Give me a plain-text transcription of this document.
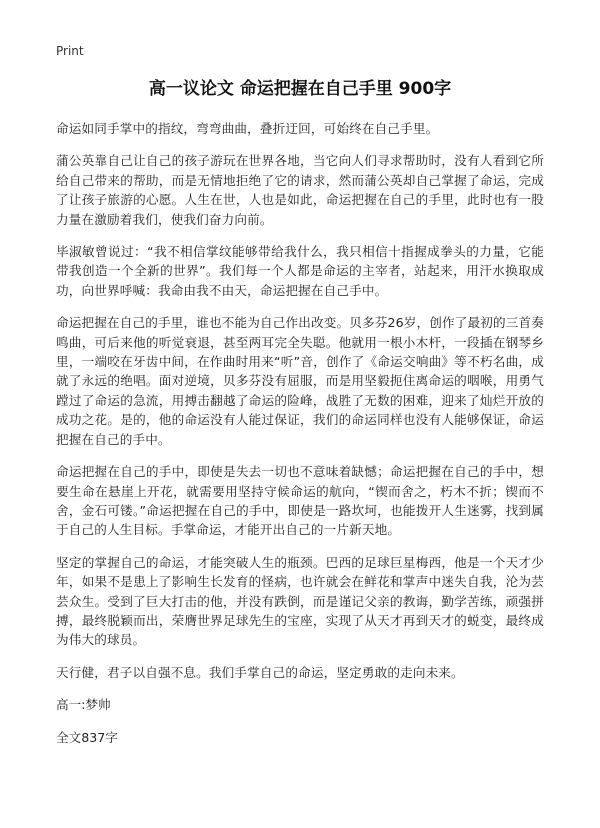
Print
高一议论文 命运把握在自己手里 900字

命运如同手掌中的指纹，弯弯曲曲，叠折迂回，可始终在自己手里。

蒲公英靠自己让自己的孩子游玩在世界各地，当它向人们寻求帮助时，没有人看到它所给自己带来的帮助，而是无情地拒绝了它的请求，然而蒲公英却自己掌握了命运，完成了让孩子旅游的心愿。人生在世，人也是如此，命运把握在自己的手里，此时也有一股力量在激励着我们，使我们奋力向前。

毕淑敏曾说过：“我不相信掌纹能够带给我什么，我只相信十指握成拳头的力量，它能带我创造一个全新的世界”。我们每一个人都是命运的主宰者，站起来，用汗水换取成功，向世界呼喊：我命由我不由天，命运把握在自己手中。

命运把握在自己的手里，谁也不能为自己作出改变。贝多芬26岁，创作了最初的三首奏鸣曲，可后来他的听觉衰退，甚至两耳完全失聪。他就用一根小木杆，一段插在钢琴乡里，一端咬在牙齿中间，在作曲时用来“听”音，创作了《命运交响曲》等不朽名曲，成就了永远的绝唱。面对逆境，贝多芬没有屈服，而是用坚毅扼住离命运的咽喉，用勇气蹚过了命运的急流，用搏击翻越了命运的险峰，战胜了无数的困难，迎来了灿烂开放的成功之花。是的，他的命运没有人能过保证，我们的命运同样也没有人能够保证，命运把握在自己的手中。

命运把握在自己的手中，即使是失去一切也不意味着缺憾；命运把握在自己的手中，想要生命在悬崖上开花，就需要用坚持守候命运的航向，“锲而舍之，朽木不折；锲而不舍，金石可镂。”命运把握在自己的手中，即使是一路坎坷，也能拨开人生迷雾，找到属于自己的人生目标。手掌命运，才能开出自己的一片新天地。

坚定的掌握自己的命运，才能突破人生的瓶颈。巴西的足球巨星梅西，他是一个天才少年，如果不是患上了影响生长发育的怪病，也许就会在鲜花和掌声中迷失自我，沦为芸芸众生。受到了巨大打击的他，并没有跌倒，而是谨记父亲的教诲，勤学苦练，顽强拼搏，最终脱颖而出，荣膺世界足球先生的宝座，实现了从天才再到天才的蜕变，最终成为伟大的球员。

天行健，君子以自强不息。我们手掌自己的命运，坚定勇敢的走向未来。

高一:梦帅

全文837字
